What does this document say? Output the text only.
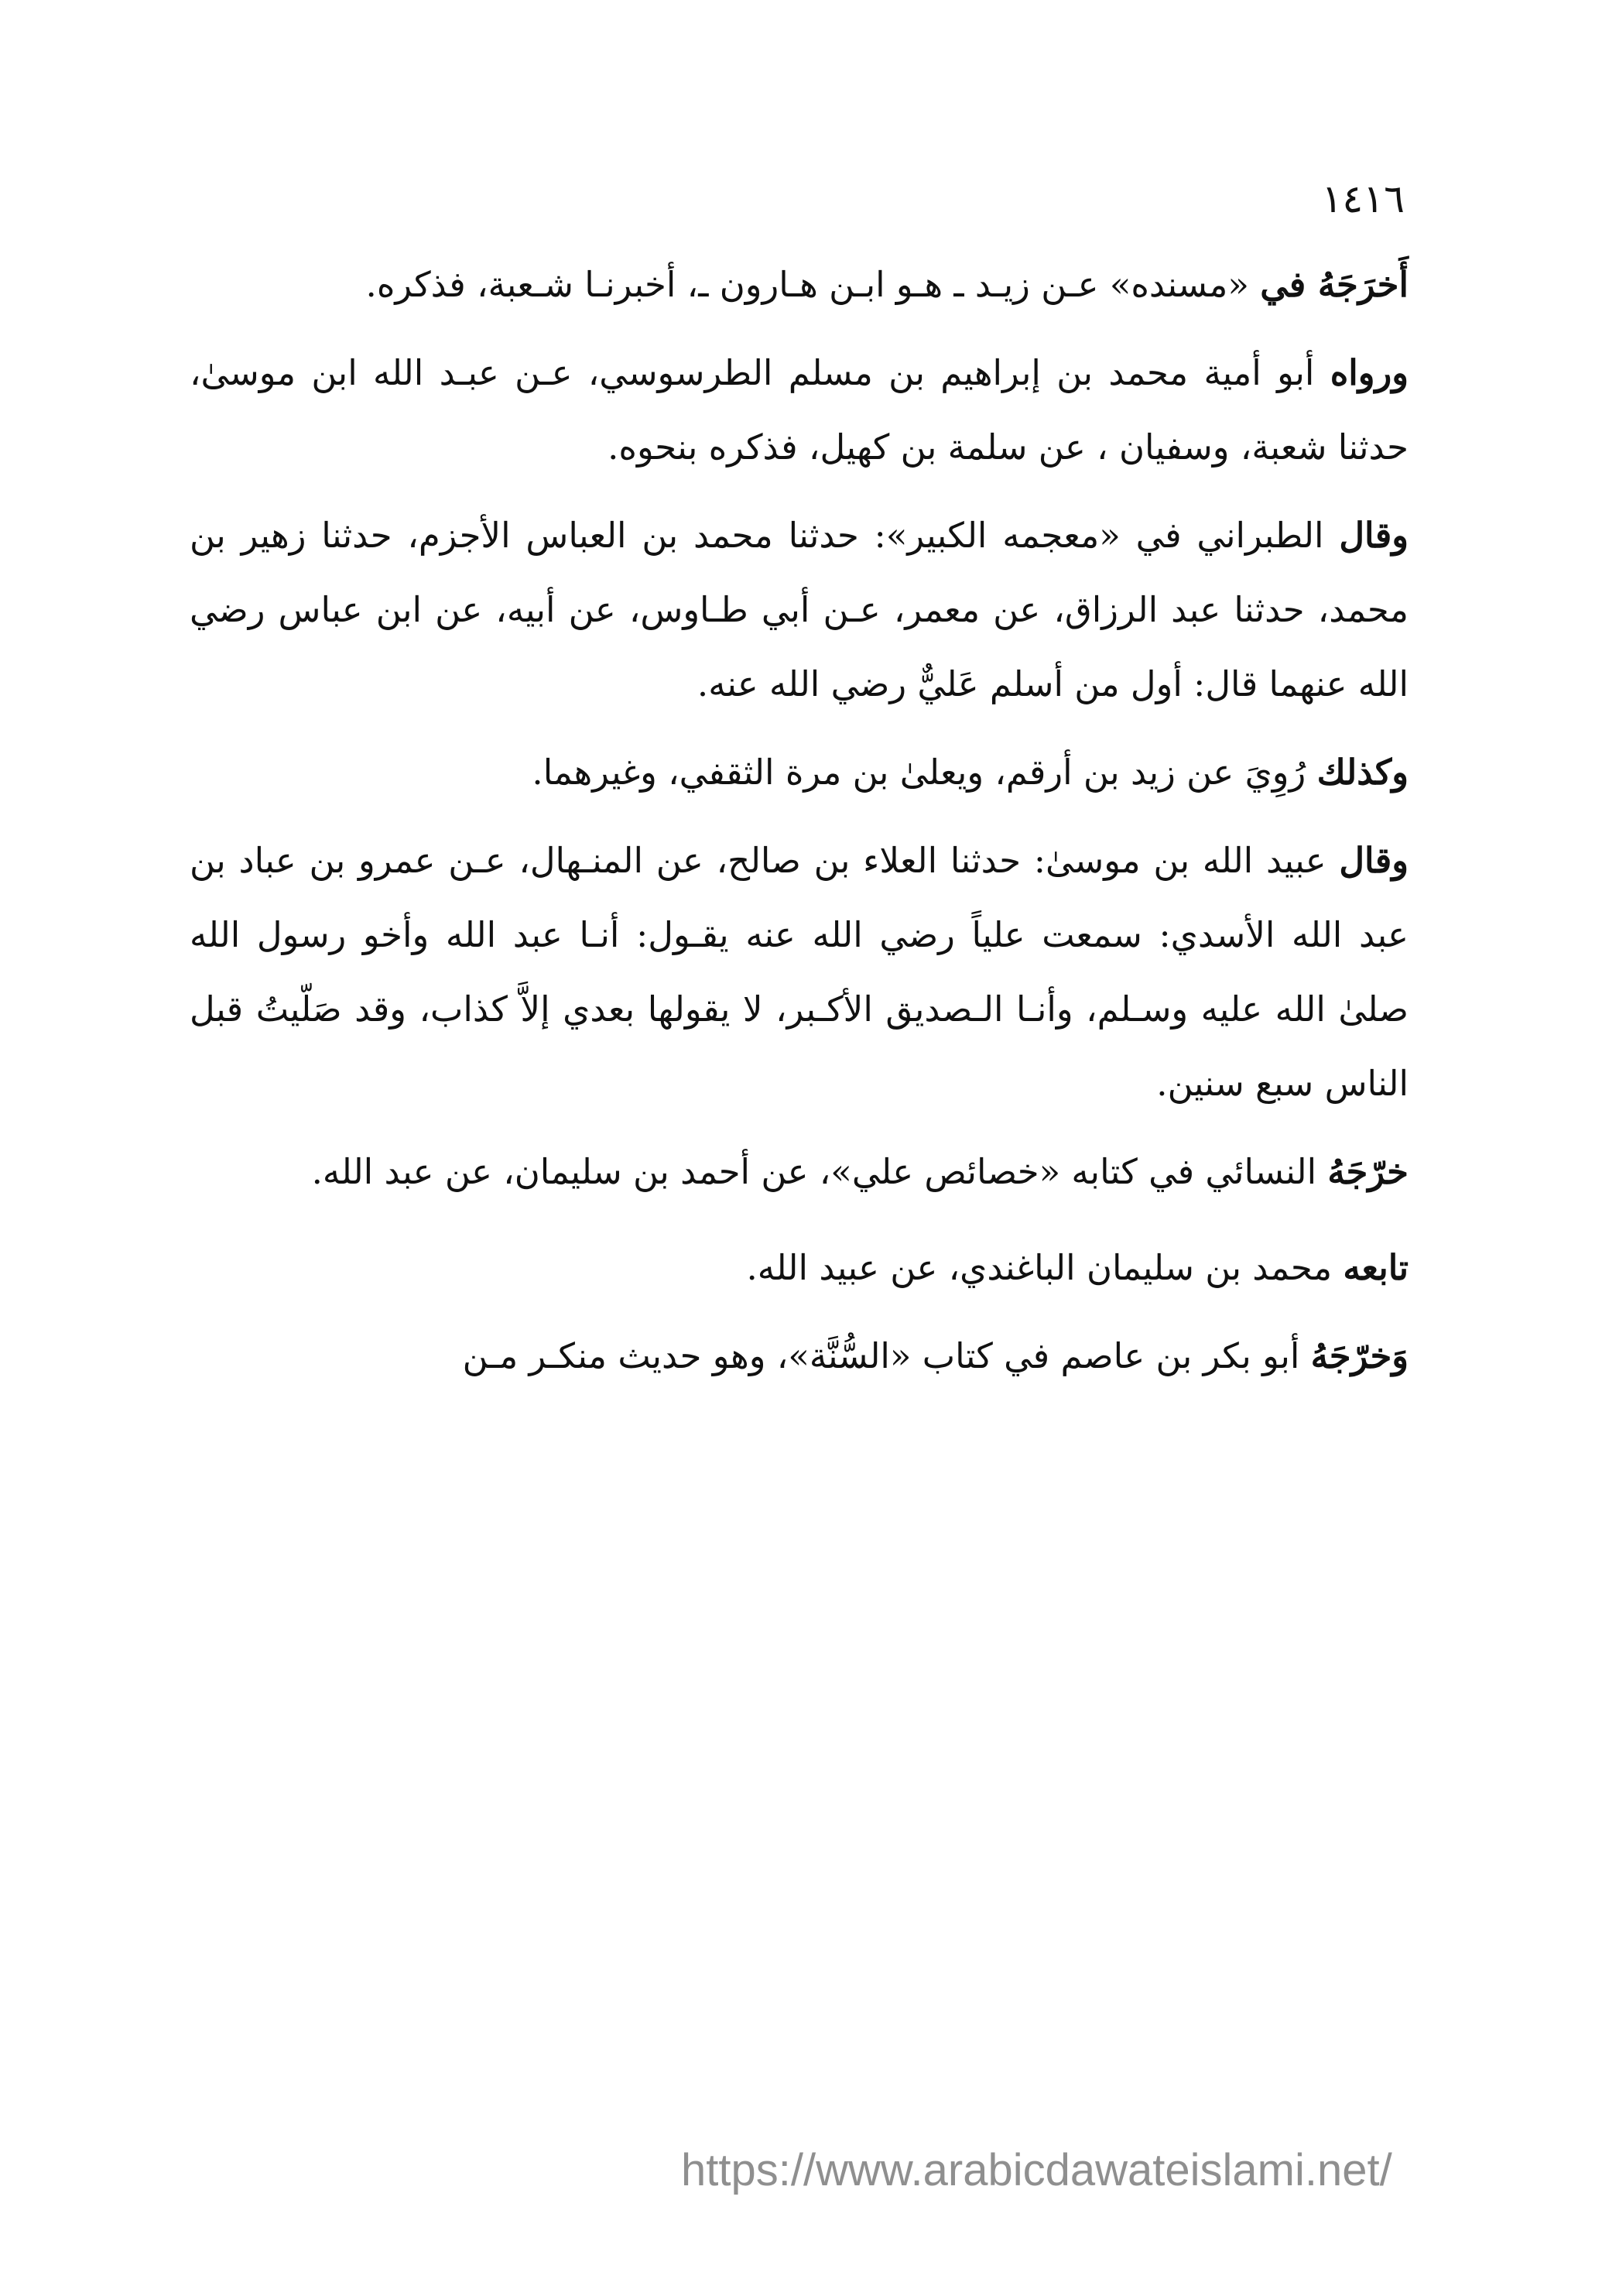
١٤١٦

أَخرَجَهُ في «مسنده» عـن زيـد ـ هـو ابـن هـارون ـ، أخبرنـا شـعبة، فذكره.

ورواه أبو أمية محمد بن إبراهيم بن مسلم الطرسوسي، عـن عبـد الله ابن موسىٰ، حدثنا شعبة، وسفيان ، عن سلمة بن كهيل، فذكره بنحوه.

وقال الطبراني في «معجمه الكبير»: حدثنا محمد بن العباس الأجزم، حدثنا زهير بن محمد، حدثنا عبد الرزاق، عن معمر، عـن أبي طـاوس، عن أبيه، عن ابن عباس رضي الله عنهما قال: أول من أسلم عَليٌّ رضي الله عنه.

وكذلك رُوِيَ عن زيد بن أرقم، ويعلىٰ بن مرة الثقفي، وغيرهما.

وقال عبيد الله بن موسىٰ: حدثنا العلاء بن صالح، عن المنـهال، عـن عمرو بن عباد بن عبد الله الأسدي: سمعت علياً رضي الله عنه يقـول: أنـا عبد الله وأخو رسول الله صلىٰ الله عليه وسـلم، وأنـا الـصديق الأكـبر، لا يقولها بعدي إلاَّ كذاب، وقد صَلّيتُ قبل الناس سبع سنين.

خرّجَهُ النسائي في كتابه «خصائص علي»، عن أحمد بن سليمان، عن عبد الله.

تابعه محمد بن سليمان الباغندي، عن عبيد الله.

وَخرّجَهُ أبو بكر بن عاصم في كتاب «السُّنَّة»، وهو حديث منكـر مـن

https://www.arabicdawateislami.net/
